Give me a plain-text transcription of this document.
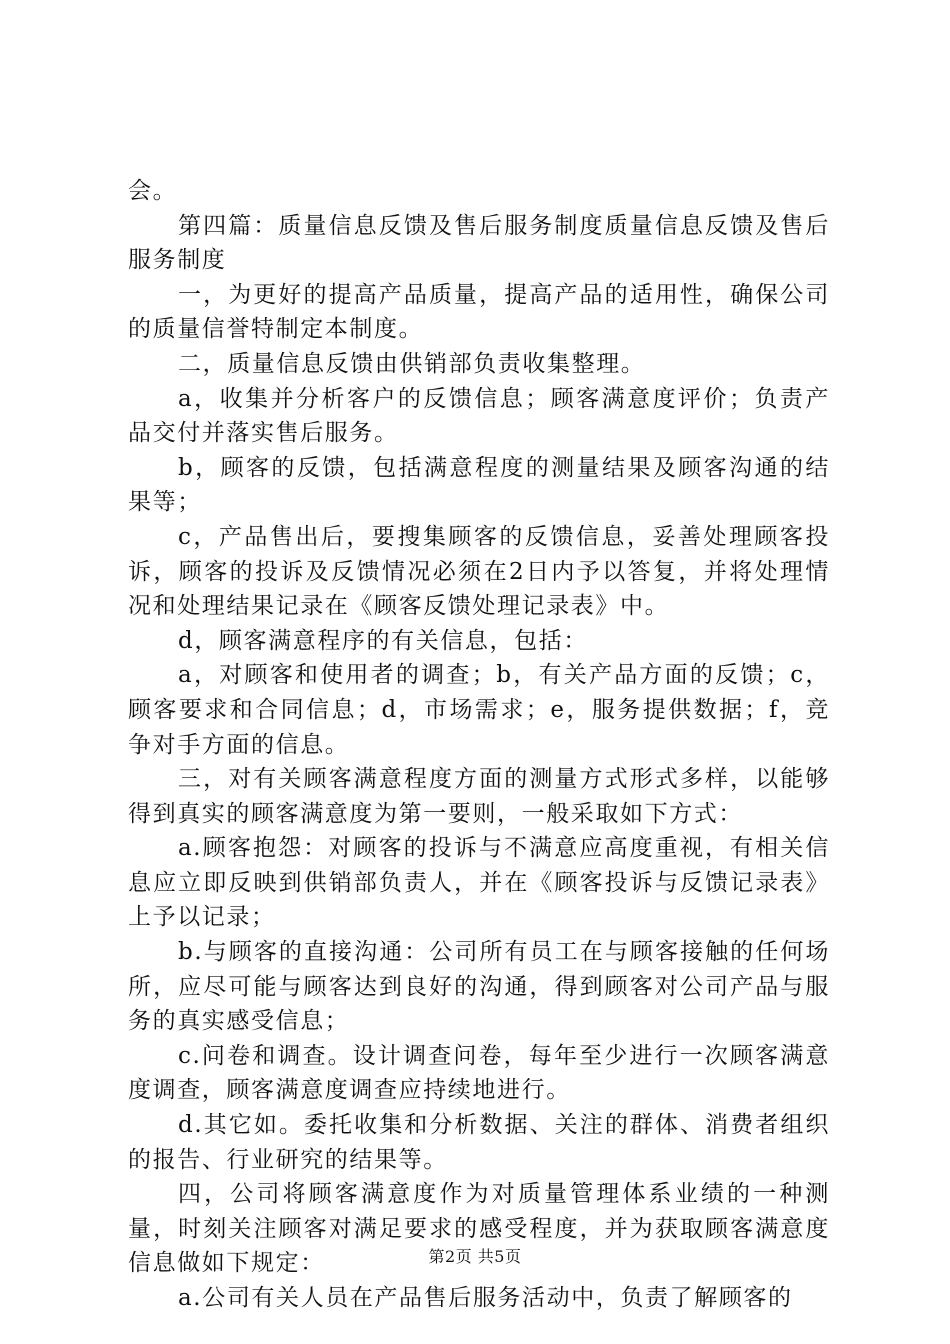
会。

第四篇：质量信息反馈及售后服务制度质量信息反馈及售后服务制度

一，为更好的提高产品质量，提高产品的适用性，确保公司的质量信誉特制定本制度。

二，质量信息反馈由供销部负责收集整理。

a，收集并分析客户的反馈信息；顾客满意度评价；负责产品交付并落实售后服务。

b，顾客的反馈，包括满意程度的测量结果及顾客沟通的结果等；

c，产品售出后，要搜集顾客的反馈信息，妥善处理顾客投诉，顾客的投诉及反馈情况必须在2日内予以答复，并将处理情况和处理结果记录在《顾客反馈处理记录表》中。

d，顾客满意程序的有关信息，包括：

a，对顾客和使用者的调查；b，有关产品方面的反馈；c，顾客要求和合同信息；d，市场需求；e，服务提供数据；f，竞争对手方面的信息。

三，对有关顾客满意程度方面的测量方式形式多样，以能够得到真实的顾客满意度为第一要则，一般采取如下方式：

a.顾客抱怨：对顾客的投诉与不满意应高度重视，有相关信息应立即反映到供销部负责人，并在《顾客投诉与反馈记录表》上予以记录；

b.与顾客的直接沟通：公司所有员工在与顾客接触的任何场所，应尽可能与顾客达到良好的沟通，得到顾客对公司产品与服务的真实感受信息；

c.问卷和调查。设计调查问卷，每年至少进行一次顾客满意度调查，顾客满意度调查应持续地进行。

d.其它如。委托收集和分析数据、关注的群体、消费者组织的报告、行业研究的结果等。

四，公司将顾客满意度作为对质量管理体系业绩的一种测量，时刻关注顾客对满足要求的感受程度，并为获取顾客满意度信息做如下规定：

a.公司有关人员在产品售后服务活动中，负责了解顾客的

第2页 共5页
